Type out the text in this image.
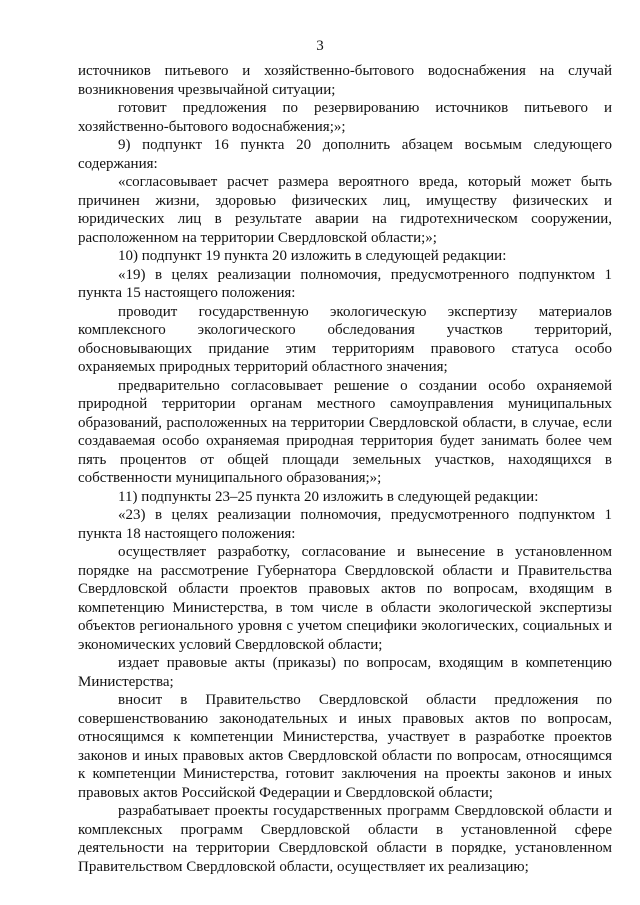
3

источников питьевого и хозяйственно-бытового водоснабжения на случай возникновения чрезвычайной ситуации;

готовит предложения по резервированию источников питьевого и хозяйственно-бытового водоснабжения;»;

9) подпункт 16 пункта 20 дополнить абзацем восьмым следующего содержания:

«согласовывает расчет размера вероятного вреда, который может быть причинен жизни, здоровью физических лиц, имуществу физических и юридических лиц в результате аварии на гидротехническом сооружении, расположенном на территории Свердловской области;»;

10) подпункт 19 пункта 20 изложить в следующей редакции:

«19) в целях реализации полномочия, предусмотренного подпунктом 1 пункта 15 настоящего положения:

проводит государственную экологическую экспертизу материалов комплексного экологического обследования участков территорий, обосновывающих придание этим территориям правового статуса особо охраняемых природных территорий областного значения;

предварительно согласовывает решение о создании особо охраняемой природной территории органам местного самоуправления муниципальных образований, расположенных на территории Свердловской области, в случае, если создаваемая особо охраняемая природная территория будет занимать более чем пять процентов от общей площади земельных участков, находящихся в собственности муниципального образования;»;

11) подпункты 23–25 пункта 20 изложить в следующей редакции:

«23) в целях реализации полномочия, предусмотренного подпунктом 1 пункта 18 настоящего положения:

осуществляет разработку, согласование и вынесение в установленном порядке на рассмотрение Губернатора Свердловской области и Правительства Свердловской области проектов правовых актов по вопросам, входящим в компетенцию Министерства, в том числе в области экологической экспертизы объектов регионального уровня с учетом специфики экологических, социальных и экономических условий Свердловской области;

издает правовые акты (приказы) по вопросам, входящим в компетенцию Министерства;

вносит в Правительство Свердловской области предложения по совершенствованию законодательных и иных правовых актов по вопросам, относящимся к компетенции Министерства, участвует в разработке проектов законов и иных правовых актов Свердловской области по вопросам, относящимся к компетенции Министерства, готовит заключения на проекты законов и иных правовых актов Российской Федерации и Свердловской области;

разрабатывает проекты государственных программ Свердловской области и комплексных программ Свердловской области в установленной сфере деятельности на территории Свердловской области в порядке, установленном Правительством Свердловской области, осуществляет их реализацию;
